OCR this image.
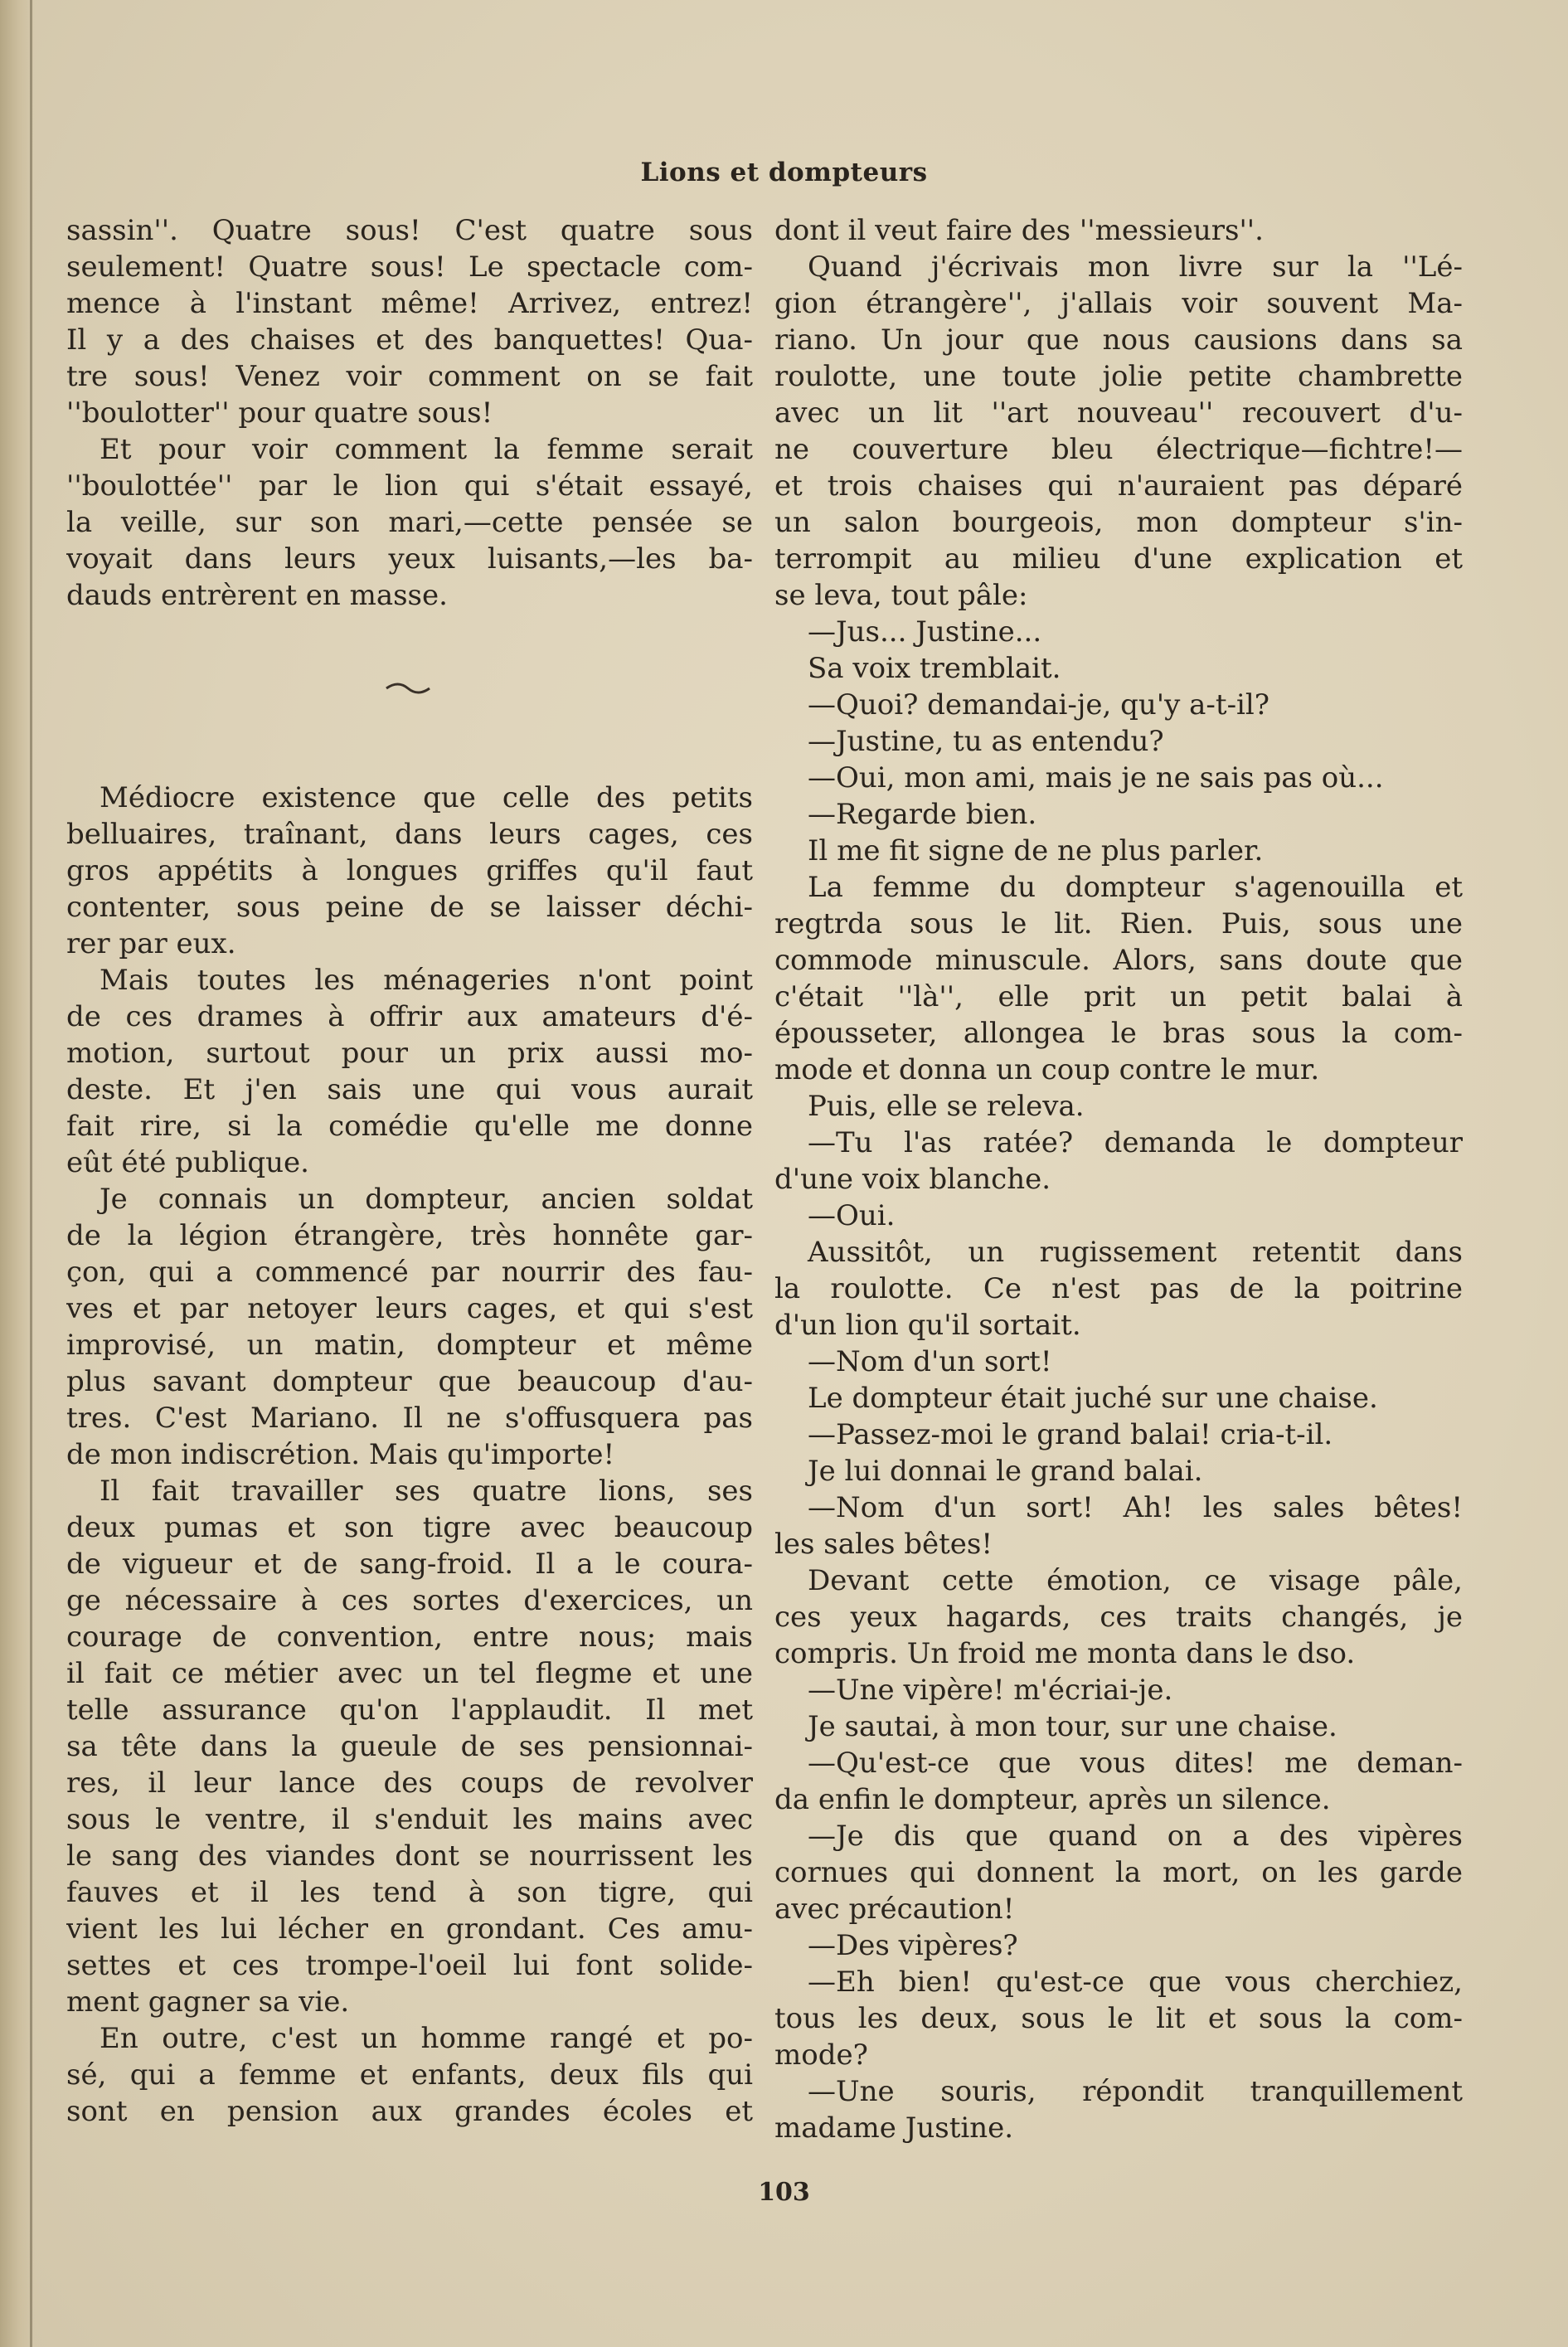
Lions et dompteurs
sassin''. Quatre sous! C'est quatre sous
seulement! Quatre sous! Le spectacle com-
mence à l'instant même! Arrivez, entrez!
Il y a des chaises et des banquettes! Qua-
tre sous! Venez voir comment on se fait
''boulotter'' pour quatre sous!
Et pour voir comment la femme serait
''boulottée'' par le lion qui s'était essayé,
la veille, sur son mari,—cette pensée se
voyait dans leurs yeux luisants,—les ba-
dauds entrèrent en masse.
Médiocre existence que celle des petits
belluaires, traînant, dans leurs cages, ces
gros appétits à longues griffes qu'il faut
contenter, sous peine de se laisser déchi-
rer par eux.
Mais toutes les ménageries n'ont point
de ces drames à offrir aux amateurs d'é-
motion, surtout pour un prix aussi mo-
deste. Et j'en sais une qui vous aurait
fait rire, si la comédie qu'elle me donne
eût été publique.
Je connais un dompteur, ancien soldat
de la légion étrangère, très honnête gar-
çon, qui a commencé par nourrir des fau-
ves et par netoyer leurs cages, et qui s'est
improvisé, un matin, dompteur et même
plus savant dompteur que beaucoup d'au-
tres. C'est Mariano. Il ne s'offusquera pas
de mon indiscrétion. Mais qu'importe!
Il fait travailler ses quatre lions, ses
deux pumas et son tigre avec beaucoup
de vigueur et de sang-froid. Il a le coura-
ge nécessaire à ces sortes d'exercices, un
courage de convention, entre nous; mais
il fait ce métier avec un tel flegme et une
telle assurance qu'on l'applaudit. Il met
sa tête dans la gueule de ses pensionnai-
res, il leur lance des coups de revolver
sous le ventre, il s'enduit les mains avec
le sang des viandes dont se nourrissent les
fauves et il les tend à son tigre, qui
vient les lui lécher en grondant. Ces amu-
settes et ces trompe-l'oeil lui font solide-
ment gagner sa vie.
En outre, c'est un homme rangé et po-
sé, qui a femme et enfants, deux fils qui
sont en pension aux grandes écoles et
dont il veut faire des ''messieurs''.
Quand j'écrivais mon livre sur la ''Lé-
gion étrangère'', j'allais voir souvent Ma-
riano. Un jour que nous causions dans sa
roulotte, une toute jolie petite chambrette
avec un lit ''art nouveau'' recouvert d'u-
ne couverture bleu électrique—fichtre!—
et trois chaises qui n'auraient pas déparé
un salon bourgeois, mon dompteur s'in-
terrompit au milieu d'une explication et
se leva, tout pâle:
—Jus... Justine...
Sa voix tremblait.
—Quoi? demandai-je, qu'y a-t-il?
—Justine, tu as entendu?
—Oui, mon ami, mais je ne sais pas où...
—Regarde bien.
Il me fit signe de ne plus parler.
La femme du dompteur s'agenouilla et
regtrda sous le lit. Rien. Puis, sous une
commode minuscule. Alors, sans doute que
c'était ''là'', elle prit un petit balai à
épousseter, allongea le bras sous la com-
mode et donna un coup contre le mur.
Puis, elle se releva.
—Tu l'as ratée? demanda le dompteur
d'une voix blanche.
—Oui.
Aussitôt, un rugissement retentit dans
la roulotte. Ce n'est pas de la poitrine
d'un lion qu'il sortait.
—Nom d'un sort!
Le dompteur était juché sur une chaise.
—Passez-moi le grand balai! cria-t-il.
Je lui donnai le grand balai.
—Nom d'un sort! Ah! les sales bêtes!
les sales bêtes!
Devant cette émotion, ce visage pâle,
ces yeux hagards, ces traits changés, je
compris. Un froid me monta dans le dso.
—Une vipère! m'écriai-je.
Je sautai, à mon tour, sur une chaise.
—Qu'est-ce que vous dites! me deman-
da enfin le dompteur, après un silence.
—Je dis que quand on a des vipères
cornues qui donnent la mort, on les garde
avec précaution!
—Des vipères?
—Eh bien! qu'est-ce que vous cherchiez,
tous les deux, sous le lit et sous la com-
mode?
—Une souris, répondit tranquillement
madame Justine.

103
